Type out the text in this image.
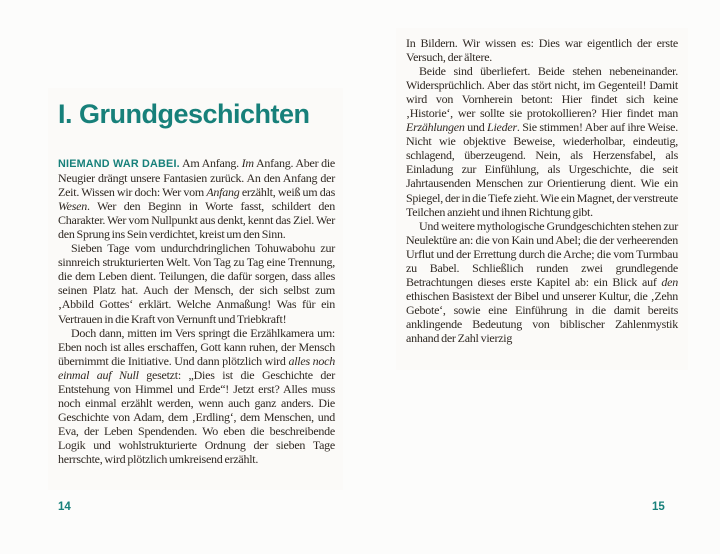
I. Grundgeschichten

NIEMAND WAR DABEI. Am Anfang. Im Anfang. Aber die Neugier drängt unsere Fantasien zurück. An den Anfang der Zeit. Wissen wir doch: Wer vom Anfang erzählt, weiß um das Wesen. Wer den Beginn in Worte fasst, schildert den Charakter. Wer vom Nullpunkt aus denkt, kennt das Ziel. Wer den Sprung ins Sein verdichtet, kreist um den Sinn.

Sieben Tage vom undurchdringlichen Tohuwabohu zur sinnreich strukturierten Welt. Von Tag zu Tag eine Trennung, die dem Leben dient. Teilungen, die dafür sorgen, dass alles seinen Platz hat. Auch der Mensch, der sich selbst zum ‚Abbild Gottes‘ erklärt. Welche Anmaßung! Was für ein Vertrauen in die Kraft von Vernunft und Triebkraft!

Doch dann, mitten im Vers springt die Erzählkamera um: Eben noch ist alles erschaffen, Gott kann ruhen, der Mensch übernimmt die Initiative. Und dann plötzlich wird alles noch einmal auf Null gesetzt: „Dies ist die Geschichte der Entstehung von Himmel und Erde“! Jetzt erst? Alles muss noch einmal erzählt werden, wenn auch ganz anders. Die Geschichte von Adam, dem ‚Erdling‘, dem Menschen, und Eva, der Leben Spendenden. Wo eben die beschreibende Logik und wohlstrukturierte Ordnung der sieben Tage herrschte, wird plötzlich umkreisend erzählt.

In Bildern. Wir wissen es: Dies war eigentlich der erste Versuch, der ältere.

Beide sind überliefert. Beide stehen nebeneinander. Widersprüchlich. Aber das stört nicht, im Gegenteil! Damit wird von Vornherein betont: Hier findet sich keine ‚Historie‘, wer sollte sie protokollieren? Hier findet man Erzählungen und Lieder. Sie stimmen! Aber auf ihre Weise. Nicht wie objektive Beweise, wiederholbar, eindeutig, schlagend, überzeugend. Nein, als Herzensfabel, als Einladung zur Einfühlung, als Urgeschichte, die seit Jahrtausenden Menschen zur Orientierung dient. Wie ein Spiegel, der in die Tiefe zieht. Wie ein Magnet, der verstreute Teilchen anzieht und ihnen Richtung gibt.

Und weitere mythologische Grundgeschichten stehen zur Neulektüre an: die von Kain und Abel; die der verheerenden Urflut und der Errettung durch die Arche; die vom Turmbau zu Babel. Schließlich runden zwei grundlegende Betrachtungen dieses erste Kapitel ab: ein Blick auf den ethischen Basistext der Bibel und unserer Kultur, die ‚Zehn Gebote‘, sowie eine Einführung in die damit bereits anklingende Bedeutung von biblischer Zahlenmystik anhand der Zahl vierzig

14	15
